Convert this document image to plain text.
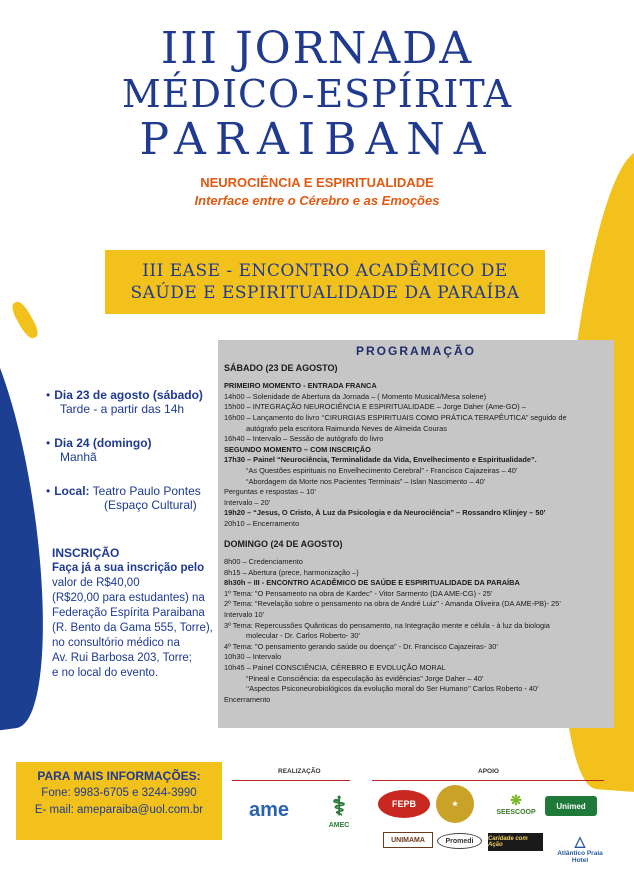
III JORNADA
MÉDICO-ESPÍRITA
PARAIBANA
NEUROCIÊNCIA E ESPIRITUALIDADE
Interface entre o Cérebro e as Emoções
III EASE - ENCONTRO ACADÊMICO DE
SAÚDE E ESPIRITUALIDADE DA PARAÍBA
• Dia 23 de agosto (sábado)
Tarde - a partir das 14h
• Dia 24 (domingo)
Manhã
• Local: Teatro Paulo Pontes
(Espaço Cultural)
INSCRIÇÃO
Faça já a sua inscrição pelo
valor de R$40,00
(R$20,00 para estudantes) na
Federação Espírita Paraibana
(R. Bento da Gama 555, Torre),
no consultório médico na
Av. Rui Barbosa 203, Torre;
e no local do evento.
PROGRAMAÇÃO
SÁBADO (23 DE AGOSTO)
PRIMEIRO MOMENTO - ENTRADA FRANCA
14h00 – Solenidade de Abertura da Jornada – ( Momento Musical/Mesa solene)
15h00 – INTEGRAÇÃO NEUROCIÊNCIA E ESPIRITUALIDADE – Jorge Daher (Ame-GO) –
16h00 – Lançamento do livro ‘‘CIRURGIAS ESPIRITUAIS COMO PRÁTICA TERAPÊUTICA’’ seguido de
autógrafo pela escritora Raimunda Neves de Almeida Couras
16h40 – Intervalo – Sessão de autógrafo do livro
SEGUNDO MOMENTO – COM INSCRIÇÃO
17h30 – Painel “Neurociência, Terminalidade da Vida, Envelhecimento e Espiritualidade”.
“As Questões espirituais no Envelhecimento Cerebral” - Francisco Cajazeiras – 40’
“Abordagem da Morte nos Pacientes Terminais” – Islan Nascimento – 40’
Perguntas e respostas – 10’
Intervalo – 20’
19h20 – “Jesus, O Cristo, À Luz da Psicologia e da Neurociência” – Rossandro Klinjey – 50’
20h10 – Encerramento
DOMINGO (24 DE AGOSTO)
8h00 – Credenciamento
8h15 – Abertura (prece, harmonização –)
8h30h – III - ENCONTRO ACADÊMICO DE SAÚDE E ESPIRITUALIDADE DA PARAÍBA
1º Tema: "O Pensamento na obra de Kardec" - Vitor Sarmento (DA AME-CG) - 25’
2º Tema: "Revelação sobre o pensamento na obra de André Luiz" - Amanda Oliveira (DA AME-PB)- 25’
Intervalo 10’
3º Tema: Repercussões Quânticas do pensamento, na Integração mente e célula - à luz da biologia
molecular - Dr. Carlos Roberto- 30’
4º Tema: "O pensamento gerando saúde ou doença" - Dr. Francisco Cajazeiras- 30’
10h30 – Intervalo
10h45 – Painel CONSCIÊNCIA, CÉREBRO E EVOLUÇÃO MORAL
“Pineal e Consciência: da especulação às evidências” Jorge Daher – 40’
‘‘Aspectos Psiconeurobiológicos da evolução moral do Ser Humano’’ Carlos Roberto - 40’
Encerramento
PARA MAIS INFORMAÇÕES:
Fone: 9983-6705 e 3244-3990
E- mail: ameparaiba@uol.com.br
REALIZAÇÃO	APOIO
ame	⚕
AMEC
FEPB	★	❋
SEESCOOP
Unimed
UNIMAMA	Promedi	Caridade com Ação	△
Atlântico Praia Hotel
